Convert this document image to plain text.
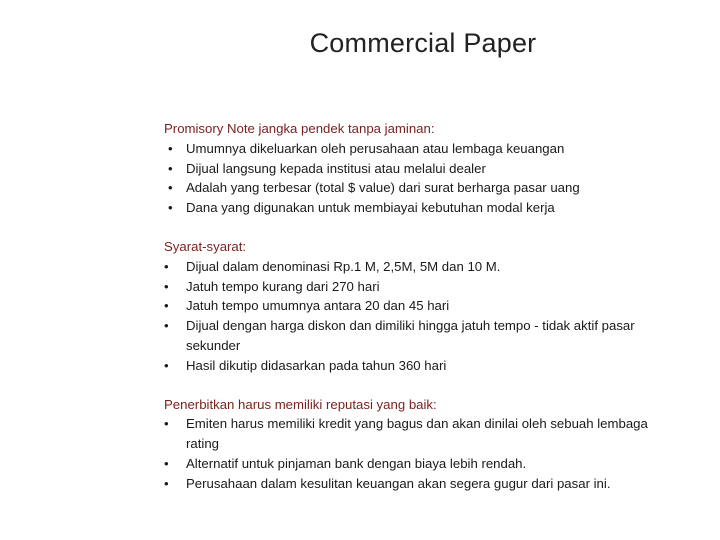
Commercial Paper
Promisory Note jangka pendek tanpa jaminan:
•	Umumnya dikeluarkan oleh perusahaan atau lembaga keuangan
•	Dijual langsung kepada institusi atau melalui dealer
•	Adalah yang terbesar (total $ value) dari surat berharga pasar uang
•	Dana yang digunakan untuk membiayai kebutuhan modal kerja
Syarat-syarat:
•	Dijual dalam denominasi Rp.1 M, 2,5M, 5M dan 10 M.
•	Jatuh tempo kurang dari 270 hari
•	Jatuh tempo umumnya antara 20 dan 45 hari
•	Dijual dengan harga diskon dan dimiliki hingga jatuh tempo - tidak aktif pasar sekunder
•	Hasil dikutip didasarkan pada tahun 360 hari
Penerbitkan harus memiliki reputasi yang baik:
•	Emiten harus memiliki kredit yang bagus dan akan dinilai oleh sebuah lembaga rating
•	Alternatif untuk pinjaman bank dengan biaya lebih rendah.
•	Perusahaan dalam kesulitan keuangan akan segera gugur dari pasar ini.
